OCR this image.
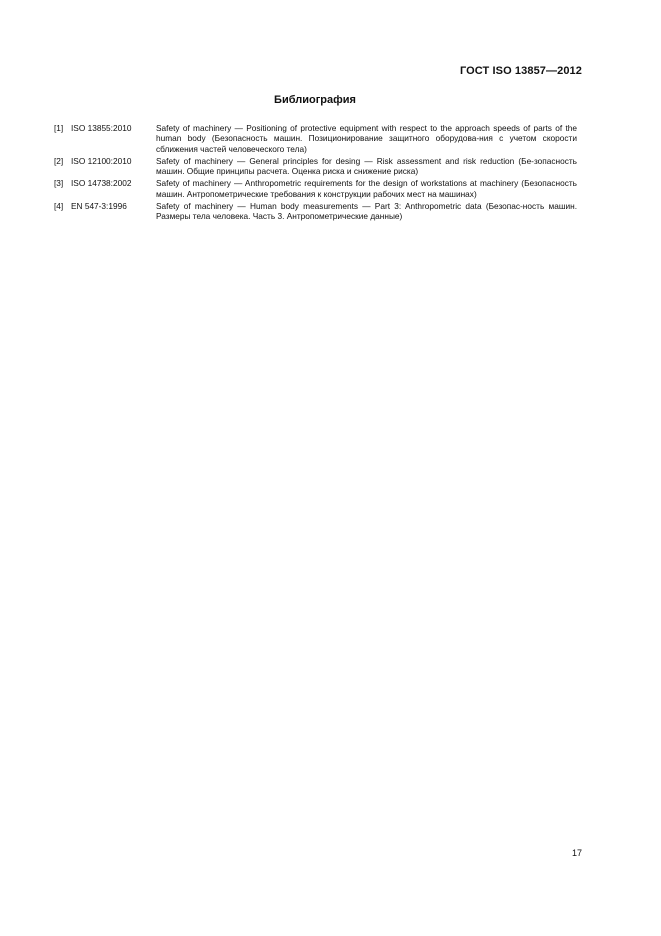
ГОСТ ISO 13857—2012
Библиография
[1] ISO 13855:2010	Safety of machinery — Positioning of protective equipment with respect to the approach speeds of parts of the human body (Безопасность машин. Позиционирование защитного оборудова-ния с учетом скорости сближения частей человеческого тела)
[2] ISO 12100:2010	Safety of machinery — General principles for desing — Risk assessment and risk reduction (Бе-зопасность машин. Общие принципы расчета. Оценка риска и снижение риска)
[3] ISO 14738:2002	Safety of machinery — Anthropometric requirements for the design of workstations at machinery (Безопасность машин. Антропометрические требования к конструкции рабочих мест на машинах)
[4] EN 547-3:1996	Safety of machinery — Human body measurements — Part 3: Anthropometric data (Безопас-ность машин. Размеры тела человека. Часть 3. Антропометрические данные)
17
